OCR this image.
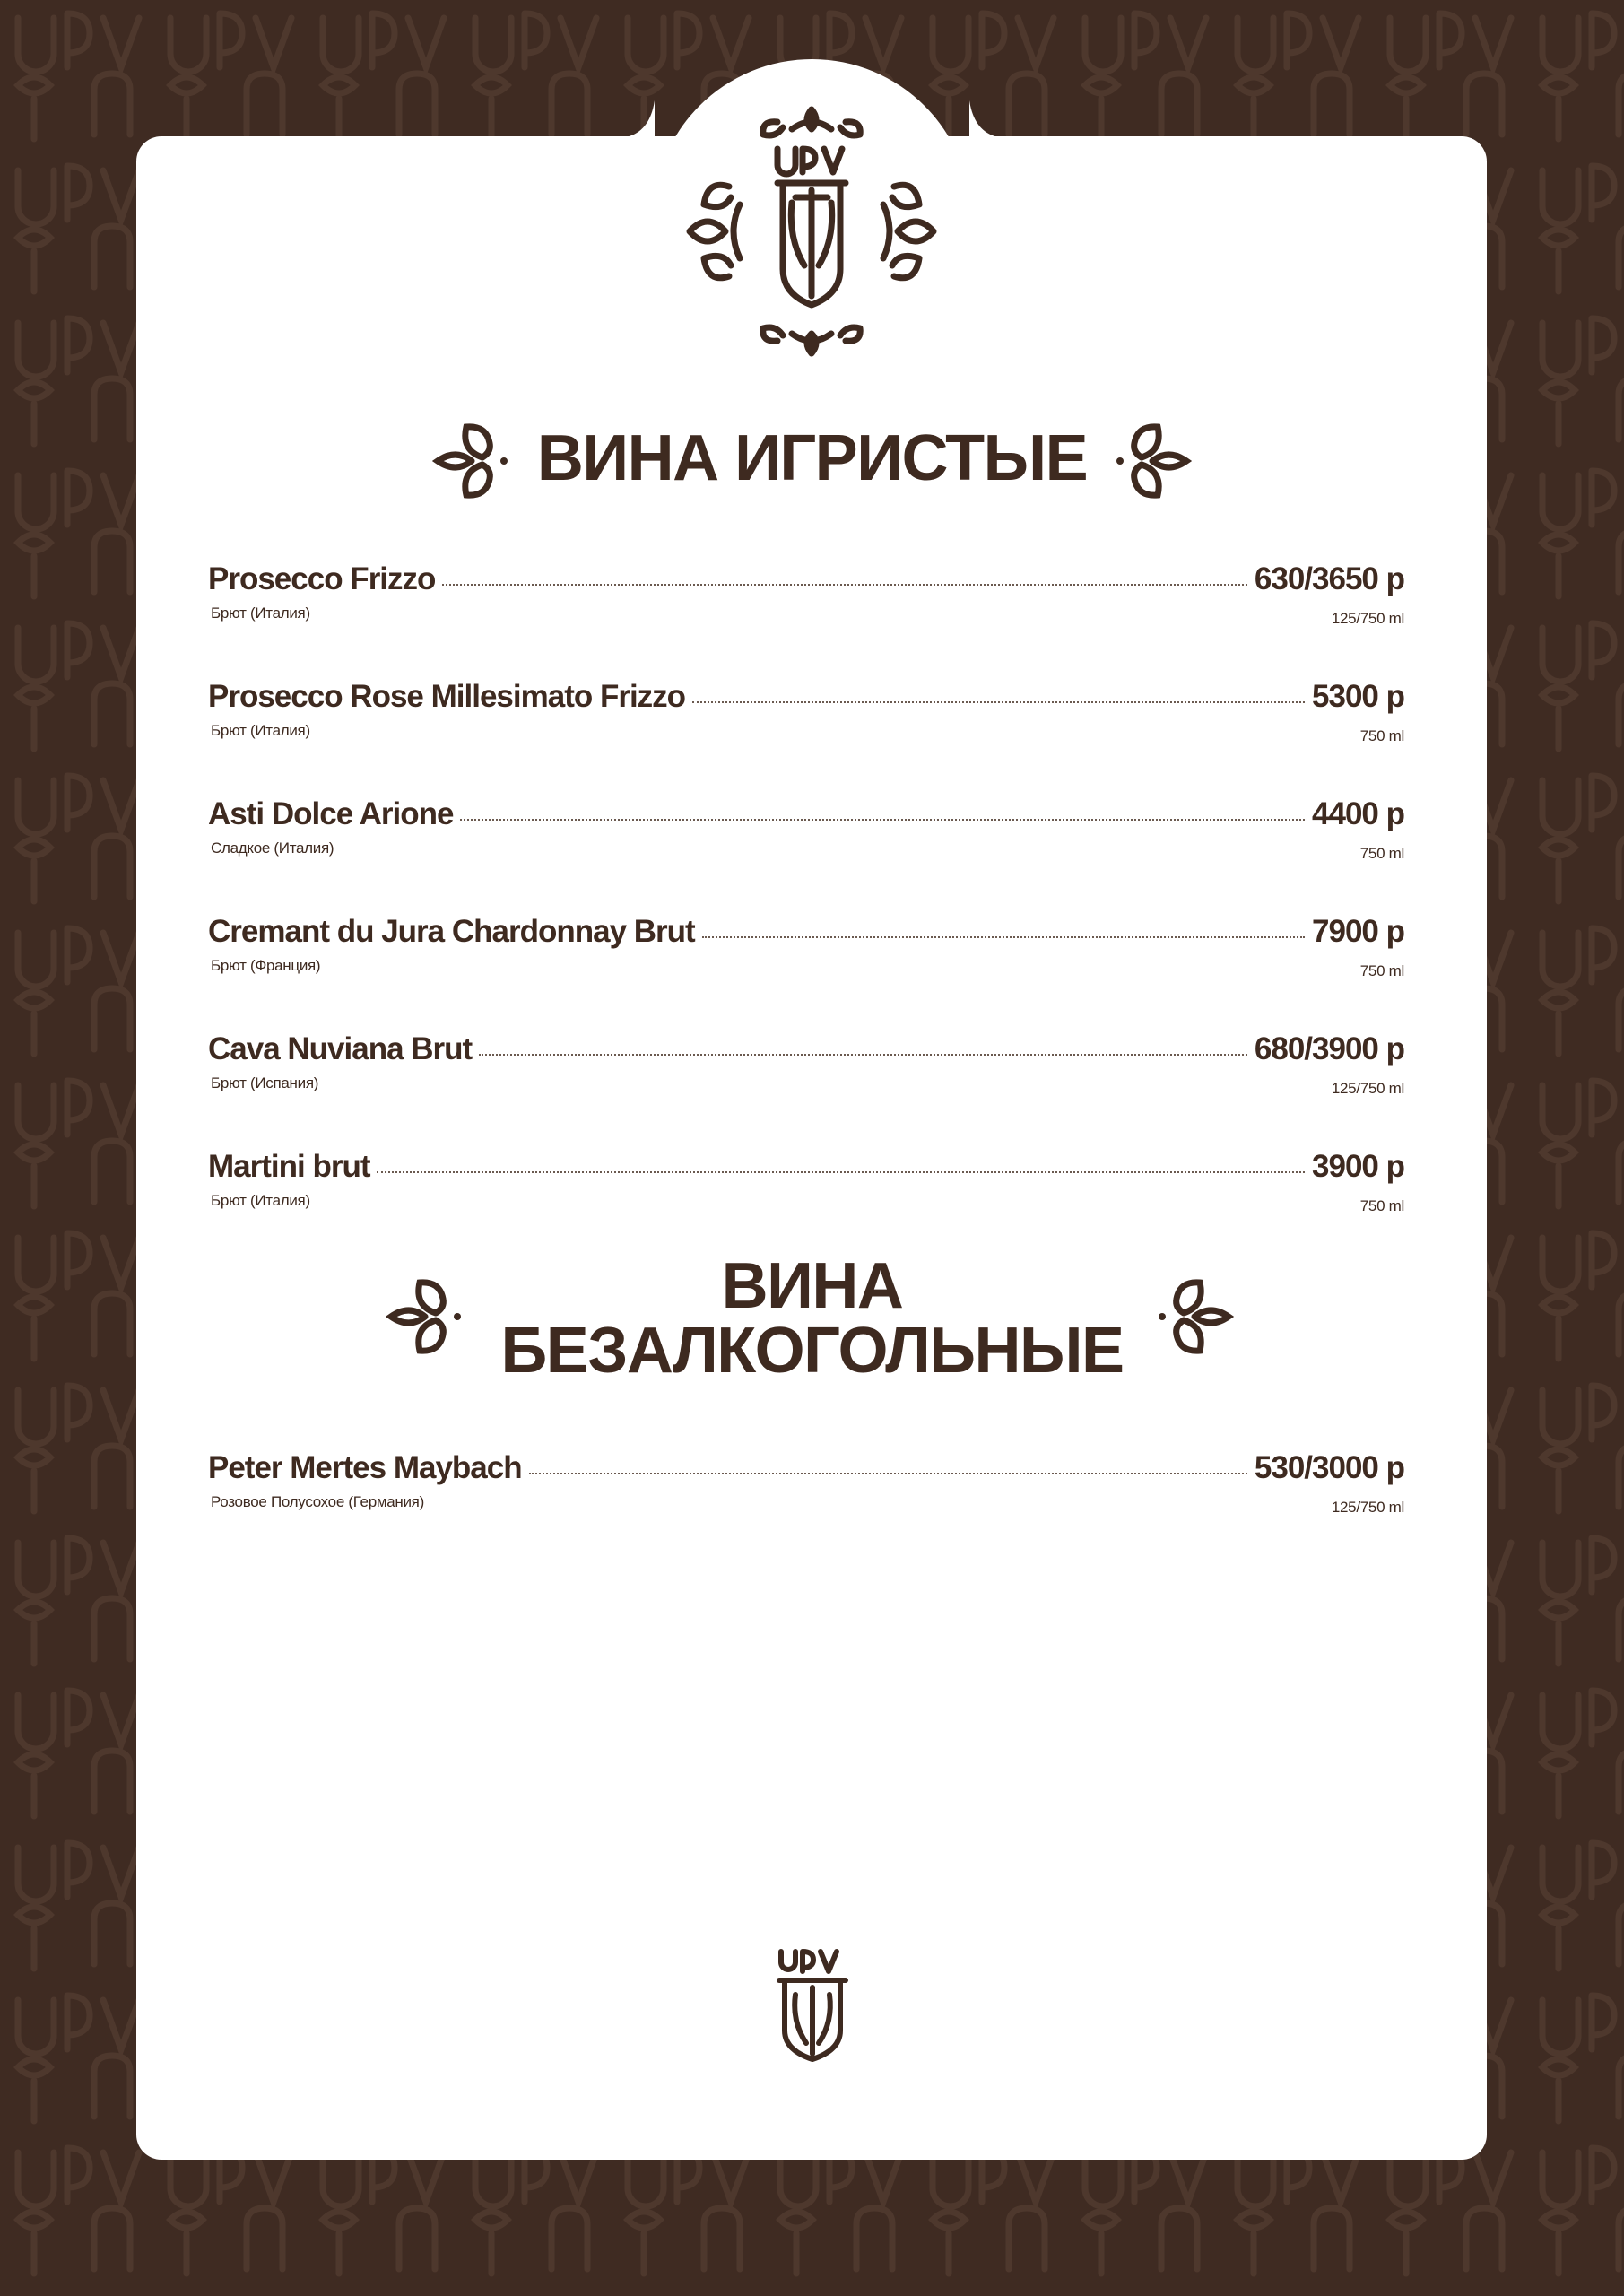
ВИНА ИГРИСТЫЕ
Prosecco Frizzo	630/3650 р
Брют (Италия)	125/750 ml
Prosecco Rose Millesimato Frizzo	5300 р
Брют (Италия)	750 ml
Asti Dolce Arione	4400 р
Сладкое (Италия)	750 ml
Cremant du Jura Chardonnay Brut	7900 р
Брют (Франция)	750 ml
Cava Nuviana Brut	680/3900 р
Брют (Испания)	125/750 ml
Martini brut	3900 р
Брют (Италия)	750 ml
ВИНА
БЕЗАЛКОГОЛЬНЫЕ
Peter Mertes Maybach	530/3000 р
Розовое Полусохое (Германия)	125/750 ml
